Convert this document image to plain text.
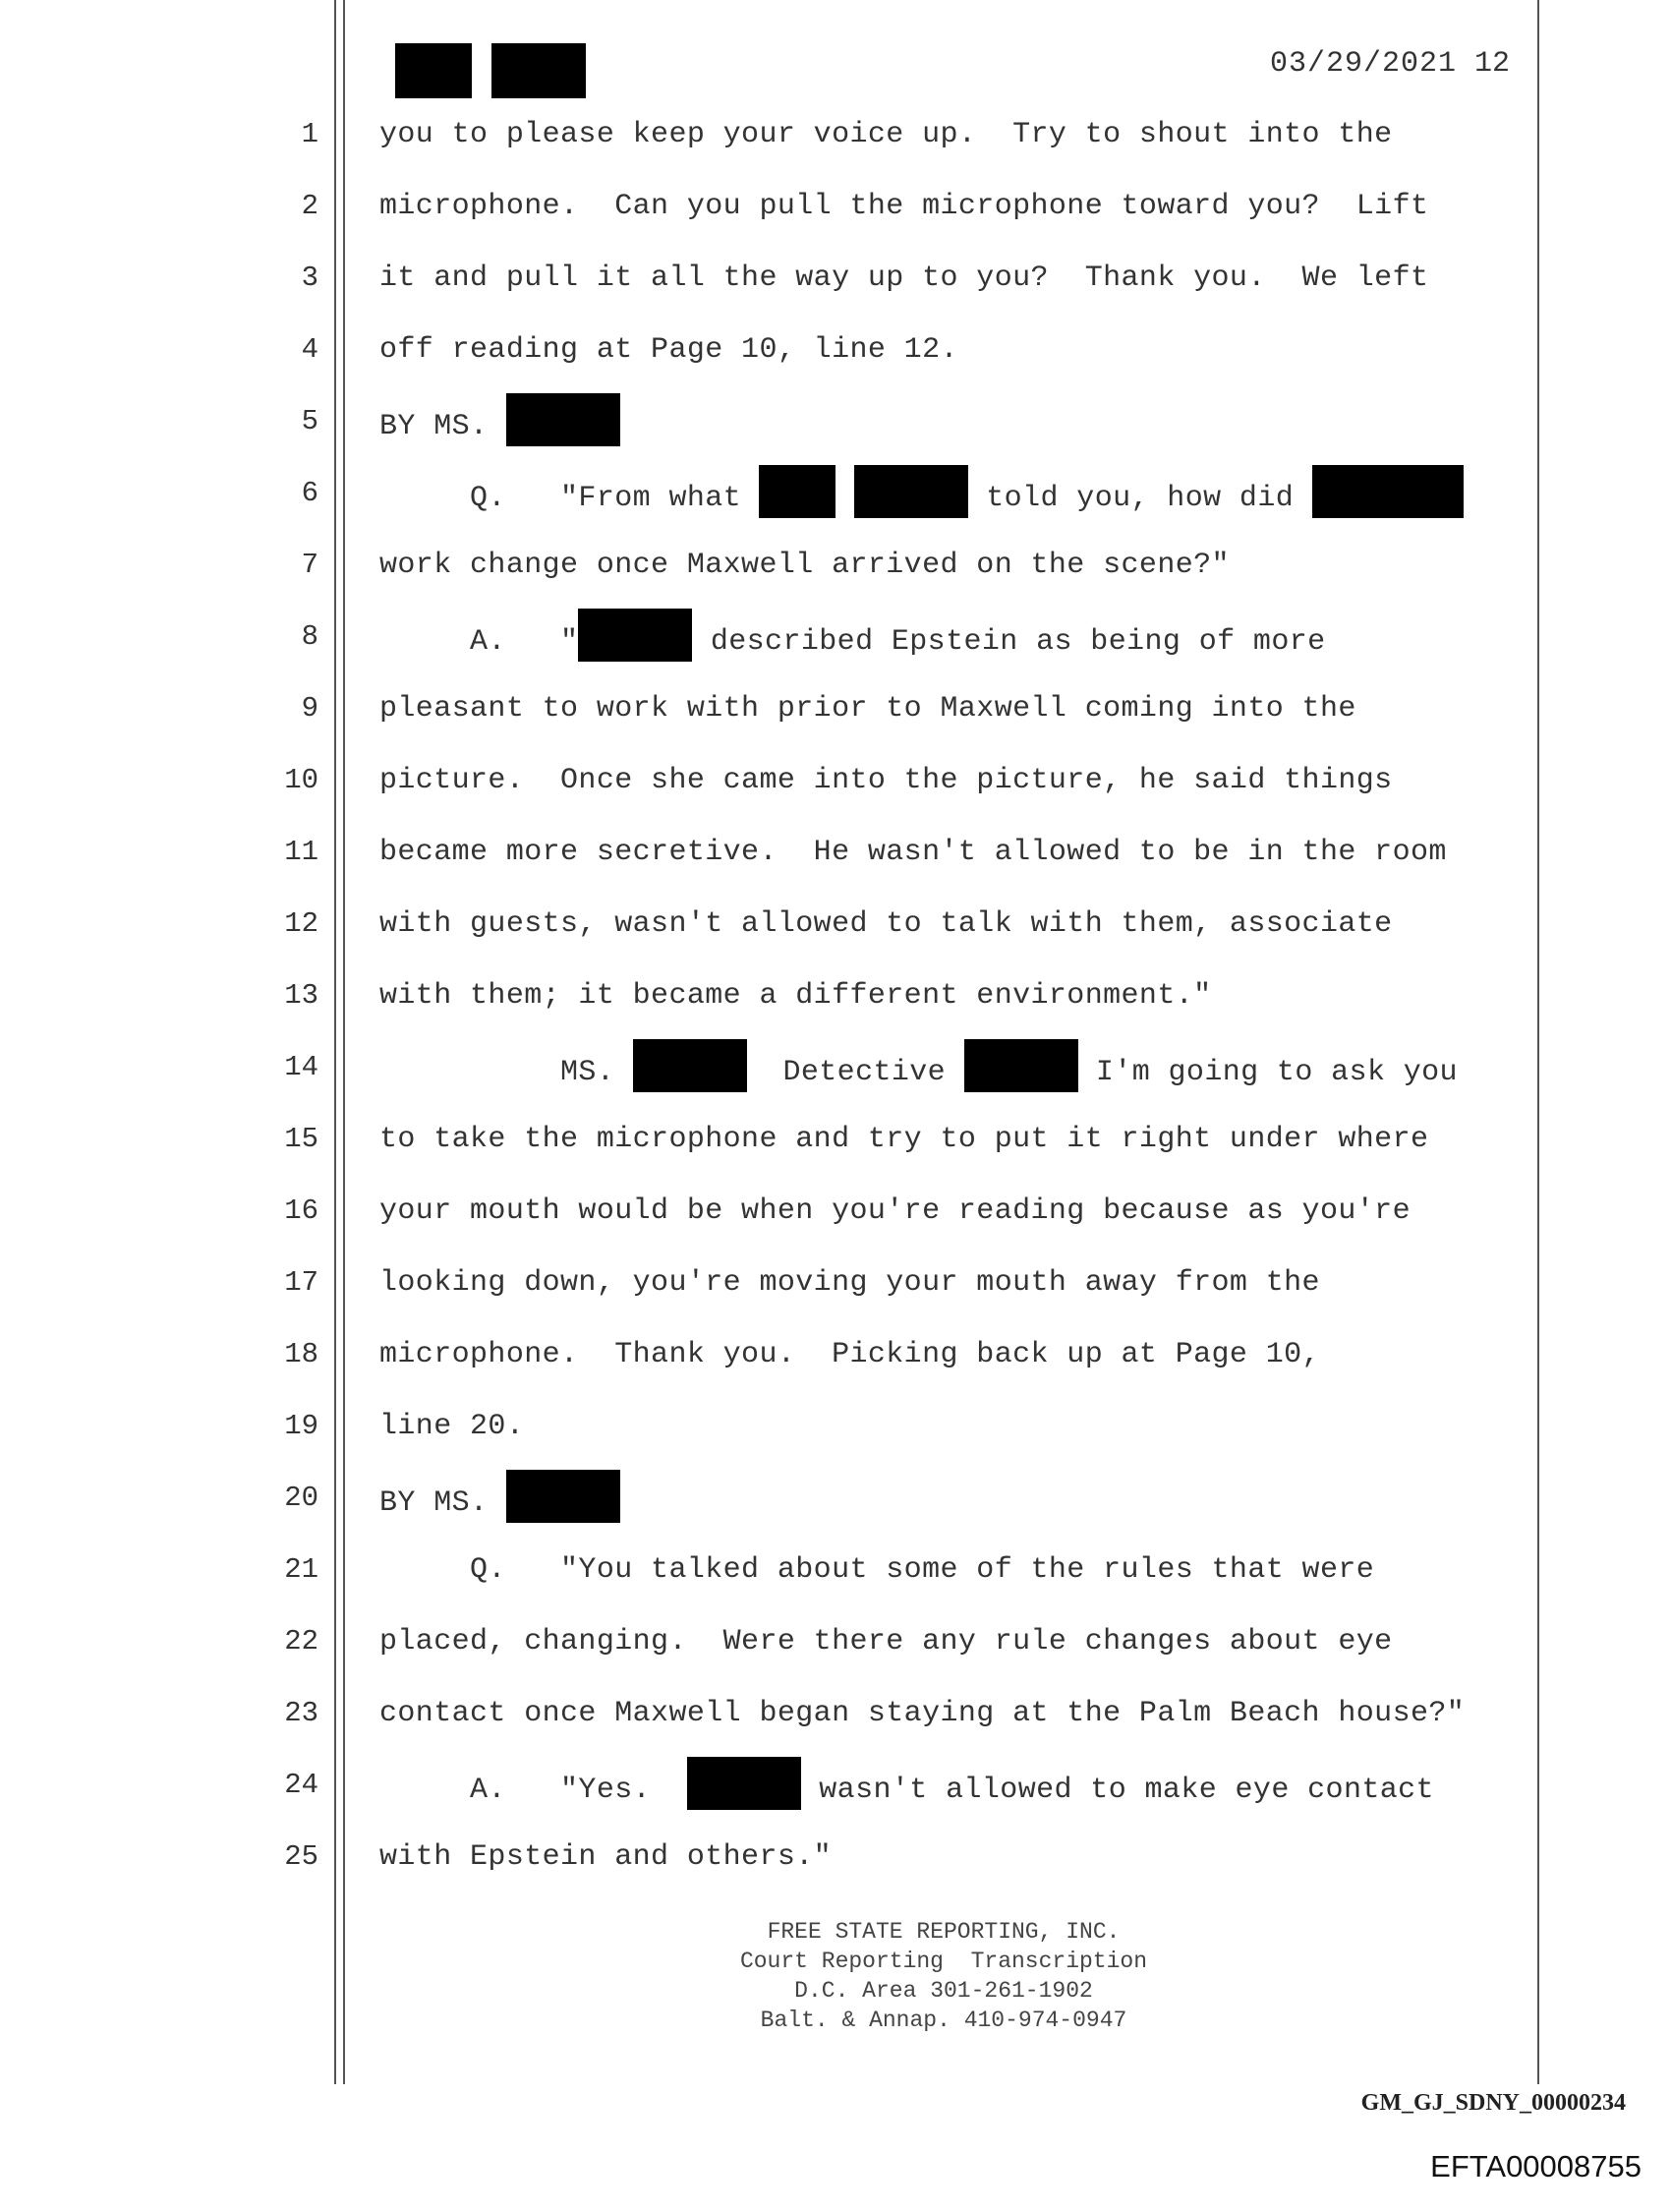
03/29/2021 12
1 you to please keep your voice up.  Try to shout into the
2 microphone.  Can you pull the microphone toward you?  Lift
3 it and pull it all the way up to you?  Thank you.  We left
4 off reading at Page 10, line 12.
5 BY MS.
6 Q.   "From what	told you, how did
7 work change once Maxwell arrived on the scene?"
8 A.   "	described Epstein as being of more
9 pleasant to work with prior to Maxwell coming into the
10 picture.  Once she came into the picture, he said things
11 became more secretive.  He wasn't allowed to be in the room
12 with guests, wasn't allowed to talk with them, associate
13 with them; it became a different environment."
14 MS.	Detective	I'm going to ask you
15 to take the microphone and try to put it right under where
16 your mouth would be when you're reading because as you're
17 looking down, you're moving your mouth away from the
18 microphone.  Thank you.  Picking back up at Page 10,
19 line 20.
20 BY MS.
21 Q.   "You talked about some of the rules that were
22 placed, changing.  Were there any rule changes about eye
23 contact once Maxwell began staying at the Palm Beach house?"
24 A.   "Yes.	wasn't allowed to make eye contact
25 with Epstein and others."
FREE STATE REPORTING, INC.
Court Reporting  Transcription
D.C. Area 301-261-1902
Balt. & Annap. 410-974-0947
GM_GJ_SDNY_00000234
EFTA00008755
